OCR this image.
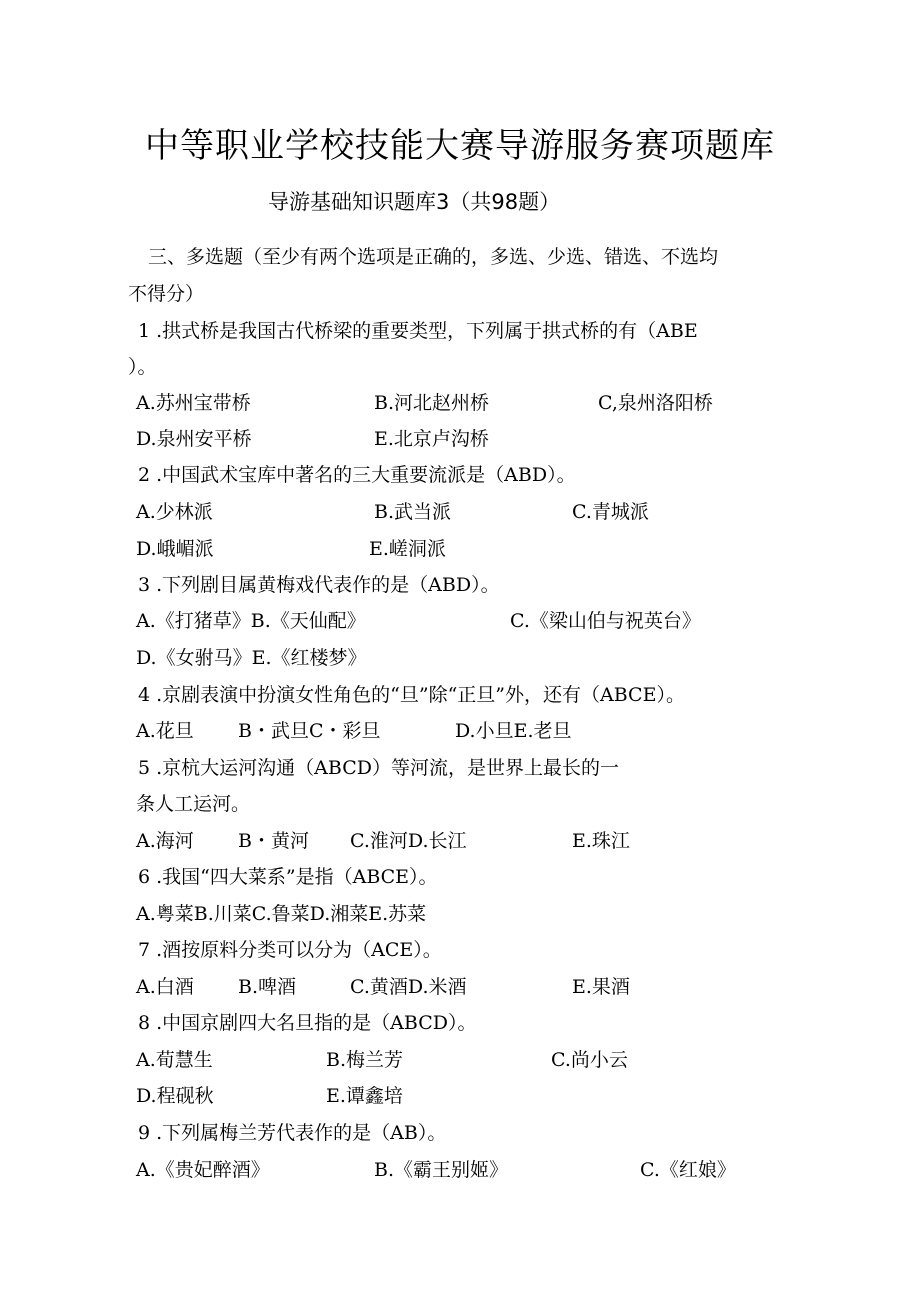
中等职业学校技能大赛导游服务赛项题库
导游基础知识题库3（共98题）
三、多选题（至少有两个选项是正确的，多选、少选、错选、不选均
不得分）
1 .拱式桥是我国古代桥梁的重要类型，下列属于拱式桥的有（ABE
）。
A.苏州宝带桥	B.河北赵州桥	C,泉州洛阳桥
D.泉州安平桥	E.北京卢沟桥
2 .中国武术宝库中著名的三大重要流派是（ABD）。
A.少林派	B.武当派	C.青城派
D.峨嵋派	E.嵯洞派
3 .下列剧目属黄梅戏代表作的是（ABD）。
A.《打猪草》B.《天仙配》	C.《梁山伯与祝英台》
D.《女驸马》E.《红楼梦》
4 .京剧表演中扮演女性角色的“旦”除“正旦”外，还有（ABCE）。
A.花旦 B・武旦C・彩旦	D.小旦E.老旦
5 .京杭大运河沟通（ABCD）等河流，是世界上最长的一
条人工运河。
A.海河 B・黄河 C.淮河D.长江	E.珠江
6 .我国“四大菜系”是指（ABCE）。
A.粤菜B.川菜C.鲁菜D.湘菜E.苏菜
7 .酒按原料分类可以分为（ACE）。
A.白酒 B.啤酒	C.黄酒D.米酒	E.果酒
8 .中国京剧四大名旦指的是（ABCD）。
A.荀慧生	B.梅兰芳	C.尚小云
D.程砚秋	E.谭鑫培
9 .下列属梅兰芳代表作的是（AB）。
A.《贵妃醉酒》	B.《霸王别姬》	C.《红娘》
